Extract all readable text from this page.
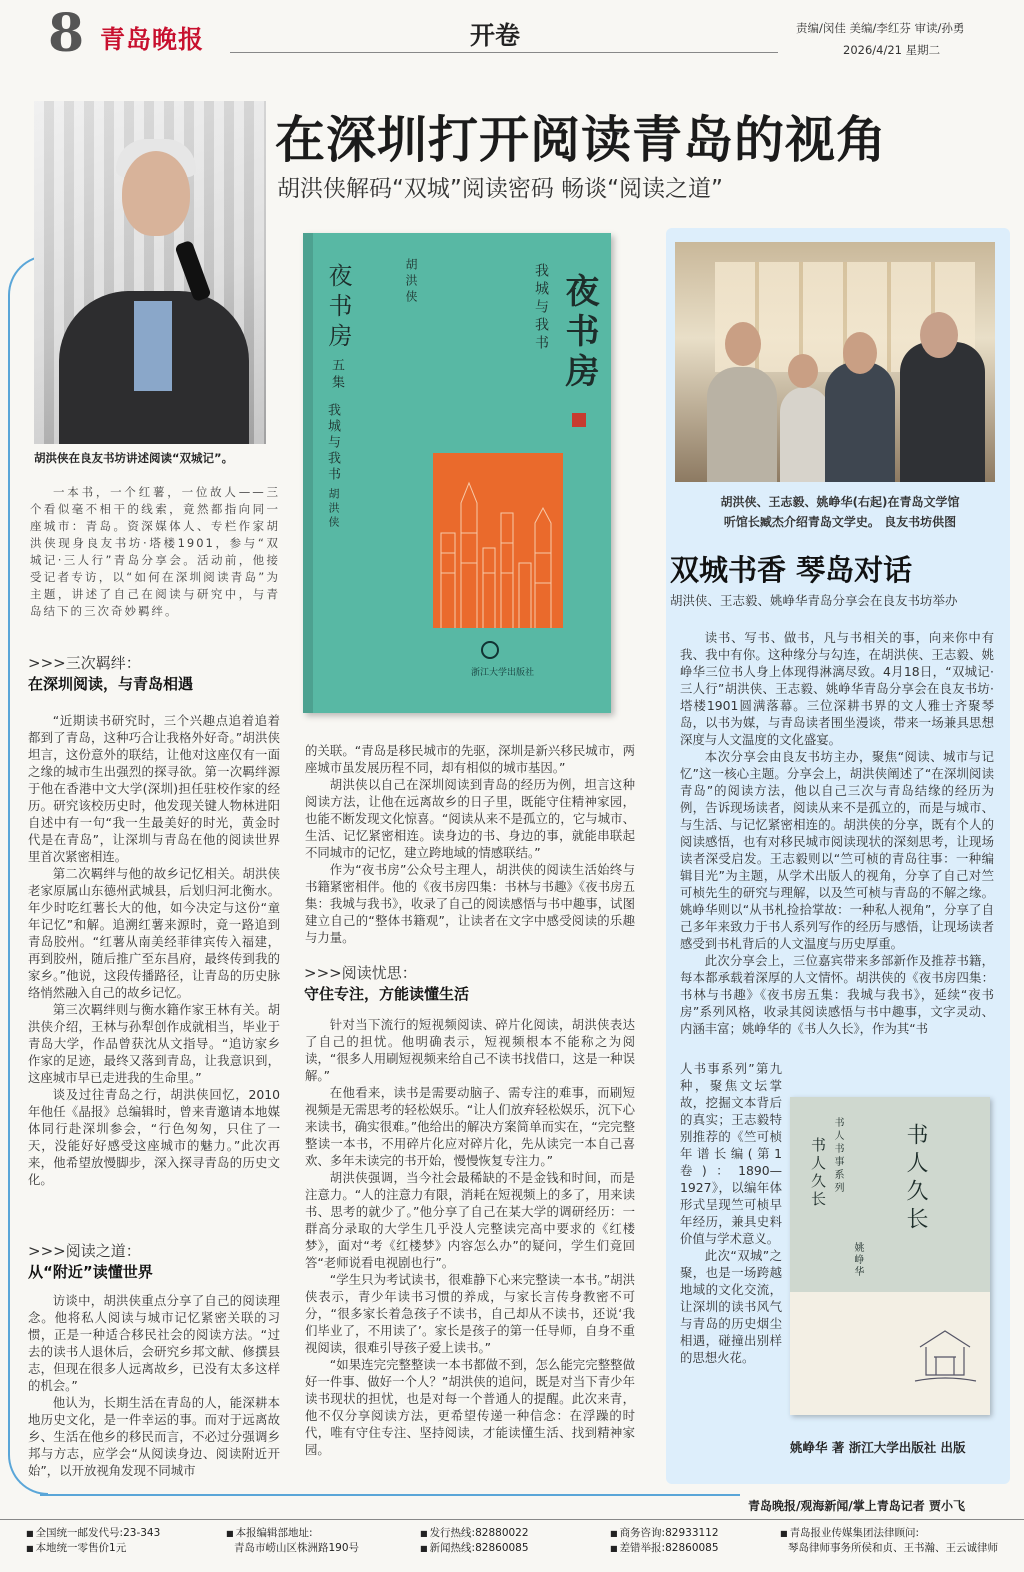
8 青岛晚报	开卷	责编/闵佳 美编/李红芬 审读/孙勇
2026/4/21 星期二
在深圳打开阅读青岛的视角
胡洪侠解码“双城”阅读密码 畅谈“阅读之道”
胡洪侠在良友书坊讲述阅读“双城记”。

一本书，一个红薯，一位故人——三个看似毫不相干的线索，竟然都指向同一座城市：青岛。资深媒体人、专栏作家胡洪侠现身良友书坊·塔楼1901，参与“双城记·三人行”青岛分享会。活动前，他接受记者专访，以“如何在深圳阅读青岛”为主题，讲述了自己在阅读与研究中，与青岛结下的三次奇妙羁绊。

>>>三次羁绊：
在深圳阅读，与青岛相遇

“近期读书研究时，三个兴趣点追着追着都到了青岛，这种巧合让我格外好奇。”胡洪侠坦言，这份意外的联结，让他对这座仅有一面之缘的城市生出强烈的探寻欲。第一次羁绊源于他在香港中文大学(深圳)担任驻校作家的经历。研究该校历史时，他发现关键人物林进阳自述中有一句“我一生最美好的时光，黄金时代是在青岛”，让深圳与青岛在他的阅读世界里首次紧密相连。

第二次羁绊与他的故乡记忆相关。胡洪侠老家原属山东德州武城县，后划归河北衡水。年少时吃红薯长大的他，如今决定与这份“童年记忆”和解。追溯红薯来源时，竟一路追到青岛胶州。“红薯从南美经菲律宾传入福建，再到胶州，随后推广至东昌府，最终传到我的家乡。”他说，这段传播路径，让青岛的历史脉络悄然融入自己的故乡记忆。

第三次羁绊则与衡水籍作家王林有关。胡洪侠介绍，王林与孙犁创作成就相当，毕业于青岛大学，作品曾获沈从文指导。“追访家乡作家的足迹，最终又落到青岛，让我意识到，这座城市早已走进我的生命里。”

谈及过往青岛之行，胡洪侠回忆，2010年他任《晶报》总编辑时，曾来青邀请本地媒体同行赴深圳参会，“行色匆匆，只住了一天，没能好好感受这座城市的魅力。”此次再来，他希望放慢脚步，深入探寻青岛的历史文化。

>>>阅读之道：
从“附近”读懂世界

访谈中，胡洪侠重点分享了自己的阅读理念。他将私人阅读与城市记忆紧密关联的习惯，正是一种适合移民社会的阅读方法。“过去的读书人退休后，会研究乡邦文献、修撰县志，但现在很多人远离故乡，已没有太多这样的机会。”

他认为，长期生活在青岛的人，能深耕本地历史文化，是一件幸运的事。而对于远离故乡、生活在他乡的移民而言，不必过分强调乡邦与方志，应学会“从阅读身边、阅读附近开始”，以开放视角发现不同城市

夜书房
五集
我城与我书
胡洪侠
胡洪侠	我城与我书 夜书房
浙江大学出版社

的关联。“青岛是移民城市的先驱，深圳是新兴移民城市，两座城市虽发展历程不同，却有相似的城市基因。”

胡洪侠以自己在深圳阅读到青岛的经历为例，坦言这种阅读方法，让他在远离故乡的日子里，既能守住精神家园，也能不断发现文化惊喜。“阅读从来不是孤立的，它与城市、生活、记忆紧密相连。读身边的书、身边的事，就能串联起不同城市的记忆，建立跨地域的情感联结。”

作为“夜书房”公众号主理人，胡洪侠的阅读生活始终与书籍紧密相伴。他的《夜书房四集：书林与书趣》《夜书房五集：我城与我书》，收录了自己的阅读感悟与书中趣事，试图建立自己的“整体书籍观”，让读者在文字中感受阅读的乐趣与力量。

>>>阅读忧思：
守住专注，方能读懂生活

针对当下流行的短视频阅读、碎片化阅读，胡洪侠表达了自己的担忧。他明确表示，短视频根本不能称之为阅读，“很多人用刷短视频来给自己不读书找借口，这是一种误解。”

在他看来，读书是需要动脑子、需专注的难事，而刷短视频是无需思考的轻松娱乐。“让人们放弃轻松娱乐，沉下心来读书，确实很难。”他给出的解决方案简单而实在，“完完整整读一本书，不用碎片化应对碎片化，先从读完一本自己喜欢、多年未读完的书开始，慢慢恢复专注力。”

胡洪侠强调，当今社会最稀缺的不是金钱和时间，而是注意力。“人的注意力有限，消耗在短视频上的多了，用来读书、思考的就少了。”他分享了自己在某大学的调研经历：一群高分录取的大学生几乎没人完整读完高中要求的《红楼梦》，面对“考《红楼梦》内容怎么办”的疑问，学生们竟回答“老师说看电视剧也行”。

“学生只为考试读书，很难静下心来完整读一本书。”胡洪侠表示，青少年读书习惯的养成，与家长言传身教密不可分，“很多家长着急孩子不读书，自己却从不读书，还说‘我们毕业了，不用读了’。家长是孩子的第一任导师，自身不重视阅读，很难引导孩子爱上读书。”

“如果连完完整整读一本书都做不到，怎么能完完整整做好一件事、做好一个人？”胡洪侠的追问，既是对当下青少年读书现状的担忧，也是对每一个普通人的提醒。此次来青，他不仅分享阅读方法，更希望传递一种信念：在浮躁的时代，唯有守住专注、坚持阅读，才能读懂生活、找到精神家园。

胡洪侠、王志毅、姚峥华(右起)在青岛文学馆
听馆长臧杰介绍青岛文学史。 良友书坊供图
双城书香 琴岛对话
胡洪侠、王志毅、姚峥华青岛分享会在良友书坊举办

读书、写书、做书，凡与书相关的事，向来你中有我、我中有你。这种缘分与勾连，在胡洪侠、王志毅、姚峥华三位书人身上体现得淋漓尽致。4月18日，“双城记·三人行”胡洪侠、王志毅、姚峥华青岛分享会在良友书坊·塔楼1901圆满落幕。三位深耕书界的文人雅士齐聚琴岛，以书为媒，与青岛读者围坐漫谈，带来一场兼具思想深度与人文温度的文化盛宴。

本次分享会由良友书坊主办，聚焦“阅读、城市与记忆”这一核心主题。分享会上，胡洪侠阐述了“在深圳阅读青岛”的阅读方法，他以自己三次与青岛结缘的经历为例，告诉现场读者，阅读从来不是孤立的，而是与城市、与生活、与记忆紧密相连的。胡洪侠的分享，既有个人的阅读感悟，也有对移民城市阅读现状的深刻思考，让现场读者深受启发。王志毅则以“竺可桢的青岛往事：一种编辑目光”为主题，从学术出版人的视角，分享了自己对竺可桢先生的研究与理解，以及竺可桢与青岛的不解之缘。姚峥华则以“从书札捡拾掌故：一种私人视角”，分享了自己多年来致力于书人系列写作的经历与感悟，让现场读者感受到书札背后的人文温度与历史厚重。

此次分享会上，三位嘉宾带来多部新作及推荐书籍，每本都承载着深厚的人文情怀。胡洪侠的《夜书房四集：书林与书趣》《夜书房五集：我城与我书》，延续“夜书房”系列风格，收录其阅读感悟与书中趣事，文字灵动、内涵丰富；姚峥华的《书人久长》，作为其“书

人书事系列”第九种，聚焦文坛掌故，挖掘文本背后的真实；王志毅特别推荐的《竺可桢年谱长编(第1卷)：1890—1927》，以编年体形式呈现竺可桢早年经历，兼具史料价值与学术意义。

此次“双城”之聚，也是一场跨越地域的文化交流，让深圳的读书风气与青岛的历史烟尘相遇，碰撞出别样的思想火花。

书人久长
书人书事系列
书人久长
姚峥华
姚峥华 著 浙江大学出版社 出版
青岛晚报/观海新闻/掌上青岛记者 贾小飞
■ 全国统一邮发代号:23-343
■ 本地统一零售价1元
■ 本报编辑部地址:
青岛市崂山区株洲路190号
■ 发行热线:82880022
■ 新闻热线:82860085
■ 商务咨询:82933112
■ 差错举报:82860085
■ 青岛报业传媒集团法律顾问:
琴岛律师事务所侯和贞、王书瀚、王云诚律师
